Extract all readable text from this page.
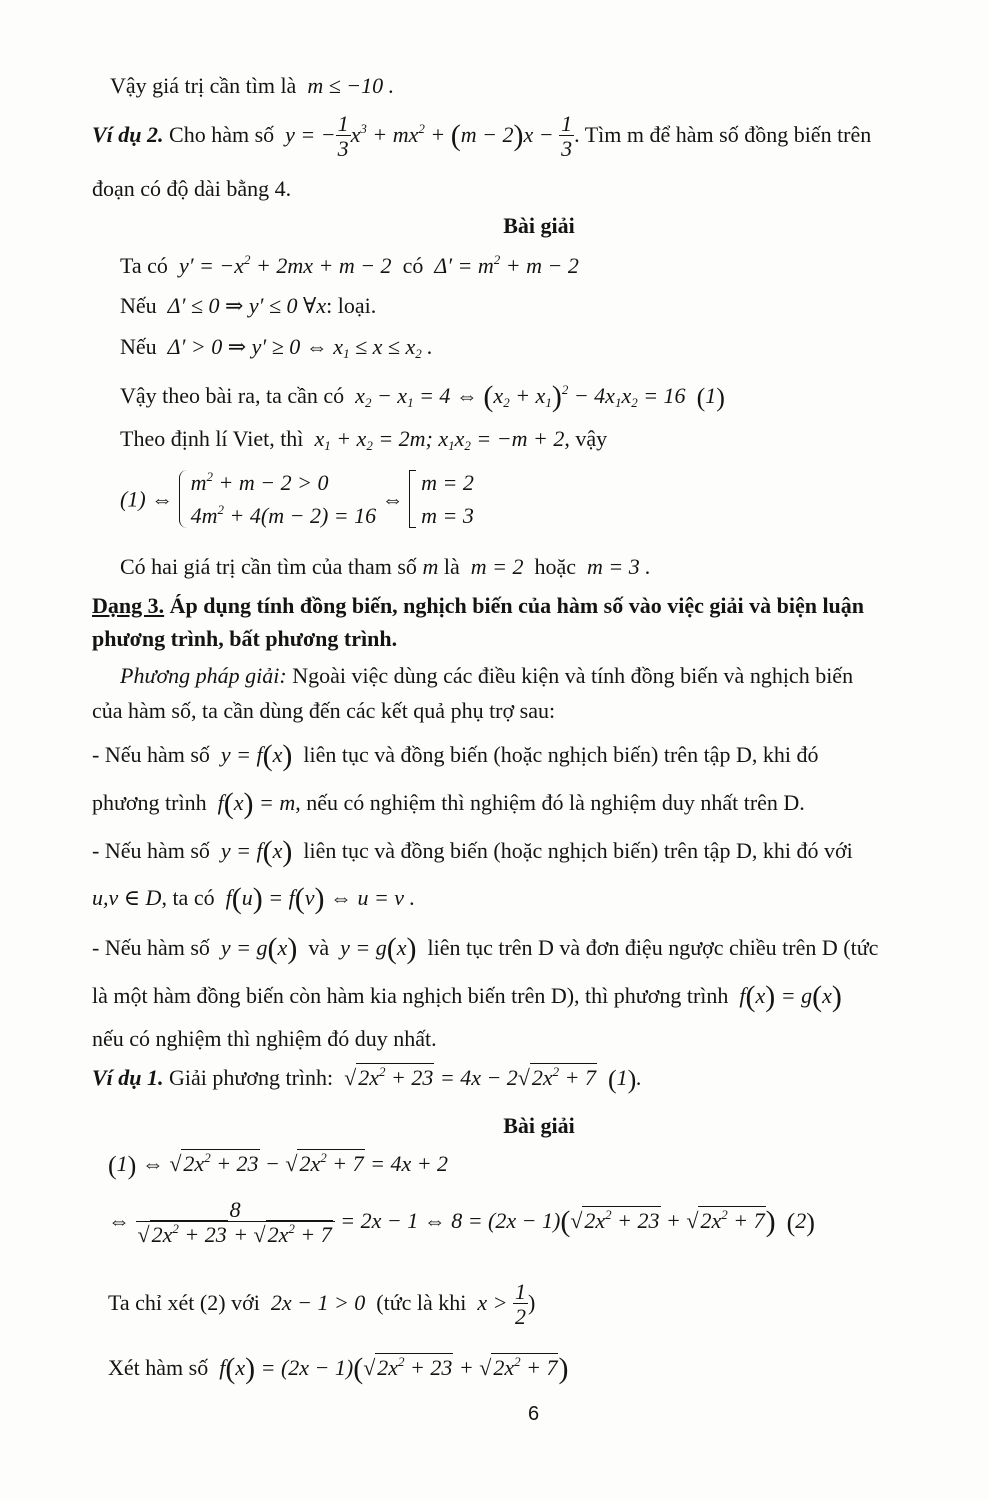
Vậy giá trị cần tìm là m ≤ −10 .
Ví dụ 2. Cho hàm số y = − $\frac{1}{3} x^3 + mx^2 + (m - 2)x - \frac{1}{3}$ . Tìm m để hàm số đồng biến trên
đoạn có độ dài bằng 4.
Bài giải
Ta có $y' = -x^2 + 2mx + m - 2$ có $\Delta' = m^2 + m - 2$
Nếu Δ′ ≤ 0 ⇒ y′ ≤ 0 ∀x: loại.
Nếu Δ′ > 0 ⇒ y′ ≥ 0 ⇔ $x_1 \le x \le x_2$ .
Vậy theo bài ra, ta cần có $x_2 - x_1 = 4$ ⇔ $(x_2 + x_1)^2 - 4x_1x_2 = 16$  (1)
Theo định lí Viet, thì $x_1 + x_2 = 2m$; $x_1x_2 = -m + 2$, vậy
(1) ⇔
$m^2 + m - 2 > 0$
$4m^2 + 4(m - 2) = 16$
⇔
m = 2
m = 3
Có hai giá trị cần tìm của tham số m là m = 2 hoặc m = 3 .
Dạng 3. Áp dụng tính đồng biến, nghịch biến của hàm số vào việc giải và biện luận
phương trình, bất phương trình.
Phương pháp giải: Ngoài việc dùng các điều kiện và tính đồng biến và nghịch biến
của hàm số, ta cần dùng đến các kết quả phụ trợ sau:
- Nếu hàm số y = f(x) liên tục và đồng biến (hoặc nghịch biến) trên tập D, khi đó
phương trình f(x) = m, nếu có nghiệm thì nghiệm đó là nghiệm duy nhất trên D.
- Nếu hàm số y = f(x) liên tục và đồng biến (hoặc nghịch biến) trên tập D, khi đó với
u,v ∈ D, ta có f(u) = f(v) ⇔ u = v .
- Nếu hàm số y = g(x) và y = g(x) liên tục trên D và đơn điệu ngược chiều trên D (tức
là một hàm đồng biến còn hàm kia nghịch biến trên D), thì phương trình f(x) = g(x)
nếu có nghiệm thì nghiệm đó duy nhất.
Ví dụ 1. Giải phương trình: $√2x^2 + 23 = 4x - 2√2x^2 + 7$ (1).
Bài giải
(1) ⇔ $√2x^2 + 23 - √2x^2 + 7 = 4x + 2$
⇔ $\frac{8}{√2x^2 + 23 + √2x^2 + 7} = 2x - 1$ ⇔ $8 = (2x - 1)(√2x^2 + 23 + √2x^2 + 7)$ (2)
Ta chỉ xét (2) với 2x − 1 > 0 (tức là khi $x > \frac{1}{2}$ )
Xét hàm số $f(x) = (2x - 1)(√2x^2 + 23 + √2x^2 + 7)$
6
